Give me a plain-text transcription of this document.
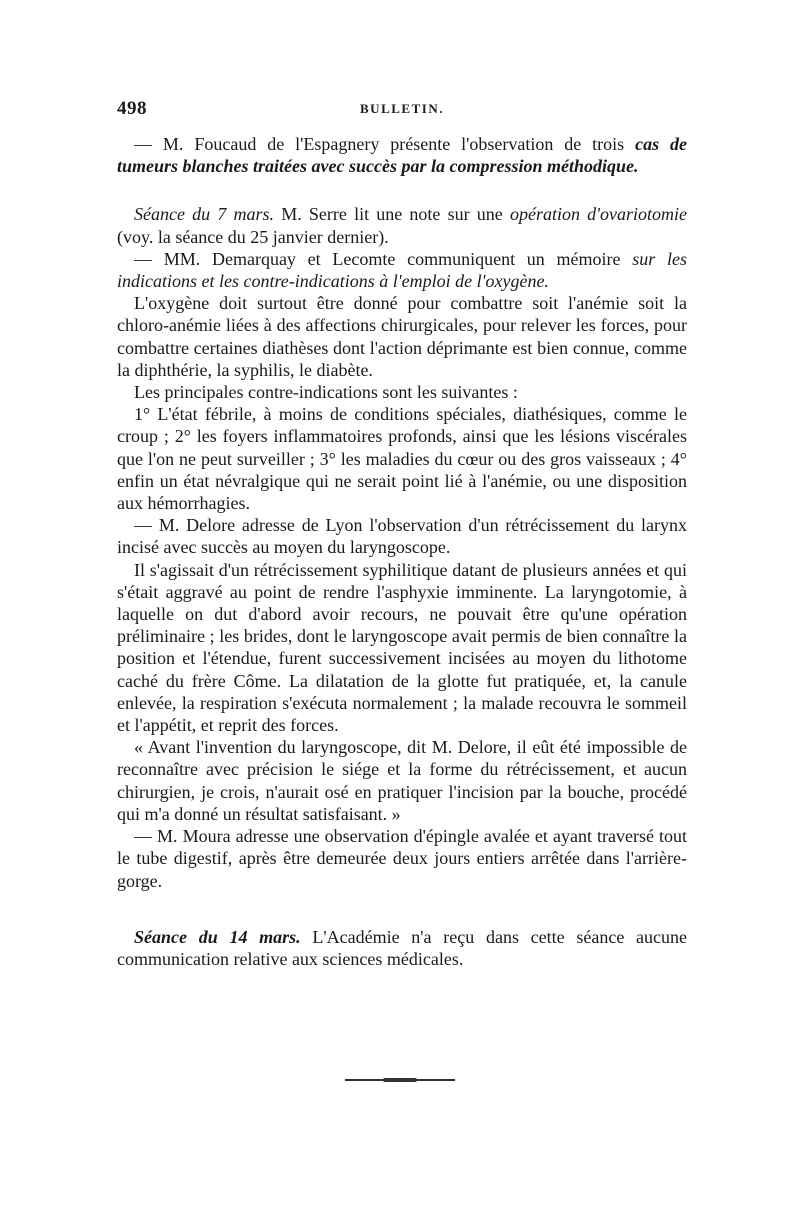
498	BULLETIN.

— M. Foucaud de l'Espagnery présente l'observation de trois cas de tumeurs blanches traitées avec succès par la compression méthodique.

Séance du 7 mars. M. Serre lit une note sur une opération d'ovariotomie (voy. la séance du 25 janvier dernier).

— MM. Demarquay et Lecomte communiquent un mémoire sur les indications et les contre-indications à l'emploi de l'oxygène.

L'oxygène doit surtout être donné pour combattre soit l'anémie soit la chloro-anémie liées à des affections chirurgicales, pour relever les forces, pour combattre certaines diathèses dont l'action déprimante est bien connue, comme la diphthérie, la syphilis, le diabète.

Les principales contre-indications sont les suivantes :

1° L'état fébrile, à moins de conditions spéciales, diathésiques, comme le croup ; 2° les foyers inflammatoires profonds, ainsi que les lésions viscérales que l'on ne peut surveiller ; 3° les maladies du cœur ou des gros vaisseaux ; 4° enfin un état névralgique qui ne serait point lié à l'anémie, ou une disposition aux hémorrhagies.

— M. Delore adresse de Lyon l'observation d'un rétrécissement du larynx incisé avec succès au moyen du laryngoscope.

Il s'agissait d'un rétrécissement syphilitique datant de plusieurs années et qui s'était aggravé au point de rendre l'asphyxie imminente. La laryngotomie, à laquelle on dut d'abord avoir recours, ne pouvait être qu'une opération préliminaire ; les brides, dont le laryngoscope avait permis de bien connaître la position et l'étendue, furent successivement incisées au moyen du lithotome caché du frère Côme. La dilatation de la glotte fut pratiquée, et, la canule enlevée, la respiration s'exécuta normalement ; la malade recouvra le sommeil et l'appétit, et reprit des forces.

« Avant l'invention du laryngoscope, dit M. Delore, il eût été impossible de reconnaître avec précision le siége et la forme du rétrécissement, et aucun chirurgien, je crois, n'aurait osé en pratiquer l'incision par la bouche, procédé qui m'a donné un résultat satisfaisant. »

— M. Moura adresse une observation d'épingle avalée et ayant traversé tout le tube digestif, après être demeurée deux jours entiers arrêtée dans l'arrière-gorge.

Séance du 14 mars. L'Académie n'a reçu dans cette séance aucune communication relative aux sciences médicales.
